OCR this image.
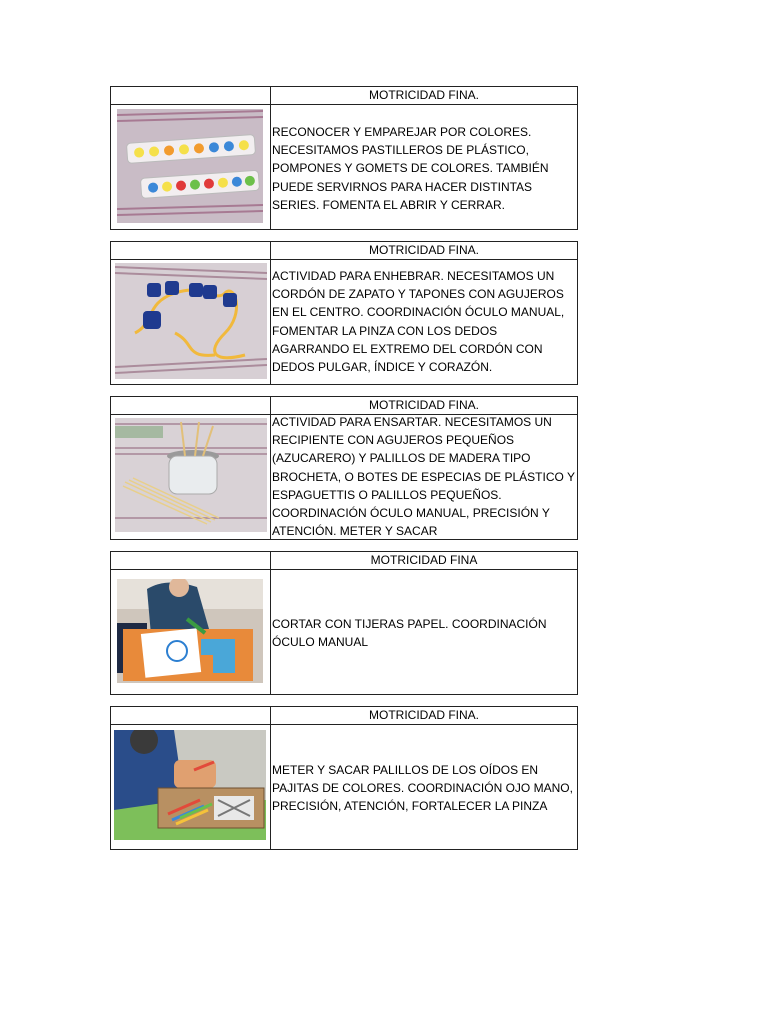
MOTRICIDAD FINA.
RECONOCER Y EMPAREJAR POR COLORES. NECESITAMOS PASTILLEROS DE PLÁSTICO, POMPONES Y GOMETS DE COLORES. TAMBIÉN PUEDE SERVIRNOS PARA HACER DISTINTAS SERIES. FOMENTA EL ABRIR Y CERRAR.
MOTRICIDAD FINA.
ACTIVIDAD PARA ENHEBRAR. NECESITAMOS UN CORDÓN DE ZAPATO Y TAPONES CON AGUJEROS EN EL CENTRO. COORDINACIÓN ÓCULO MANUAL, FOMENTAR LA PINZA CON LOS DEDOS AGARRANDO EL EXTREMO DEL CORDÓN CON DEDOS PULGAR, ÍNDICE Y CORAZÓN.
MOTRICIDAD FINA.
ACTIVIDAD PARA ENSARTAR. NECESITAMOS UN RECIPIENTE CON AGUJEROS PEQUEÑOS (AZUCARERO) Y PALILLOS DE MADERA TIPO BROCHETA, O BOTES DE ESPECIAS DE PLÁSTICO Y ESPAGUETTIS O PALILLOS PEQUEÑOS. COORDINACIÓN ÓCULO MANUAL, PRECISIÓN Y ATENCIÓN. METER Y SACAR
MOTRICIDAD FINA
CORTAR CON TIJERAS PAPEL. COORDINACIÓN ÓCULO MANUAL
MOTRICIDAD FINA.
METER Y SACAR PALILLOS DE LOS OÍDOS EN PAJITAS DE COLORES. COORDINACIÓN OJO MANO, PRECISIÓN, ATENCIÓN, FORTALECER LA PINZA
